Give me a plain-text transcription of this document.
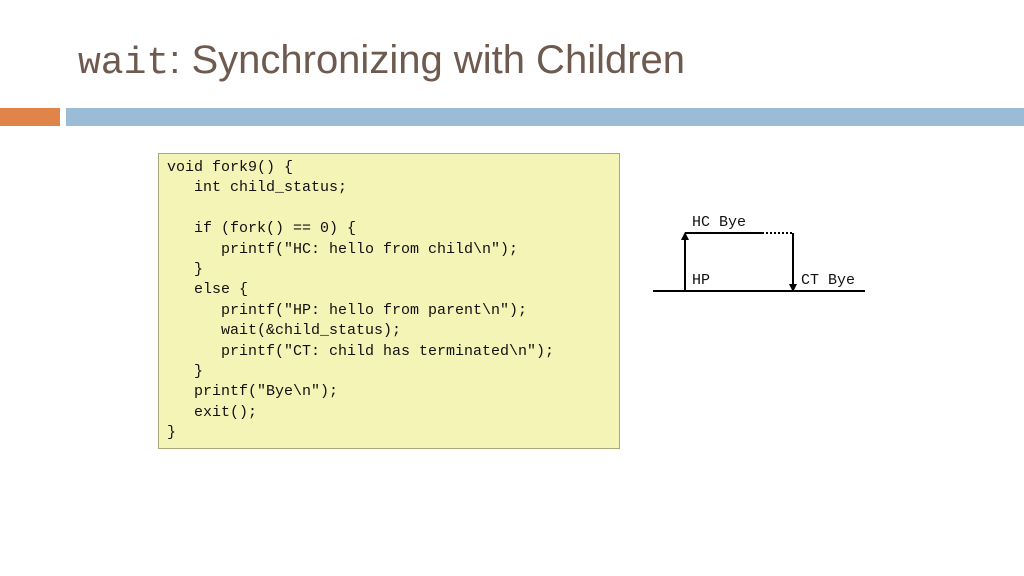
wait: Synchronizing with Children
void fork9() {
int child_status;
if (fork() == 0) {
printf("HC: hello from child\n");
}
else {
printf("HP: hello from parent\n");
wait(&child_status);
printf("CT: child has terminated\n");
}
printf("Bye\n");
exit();
}
HC Bye
HP	CT Bye
